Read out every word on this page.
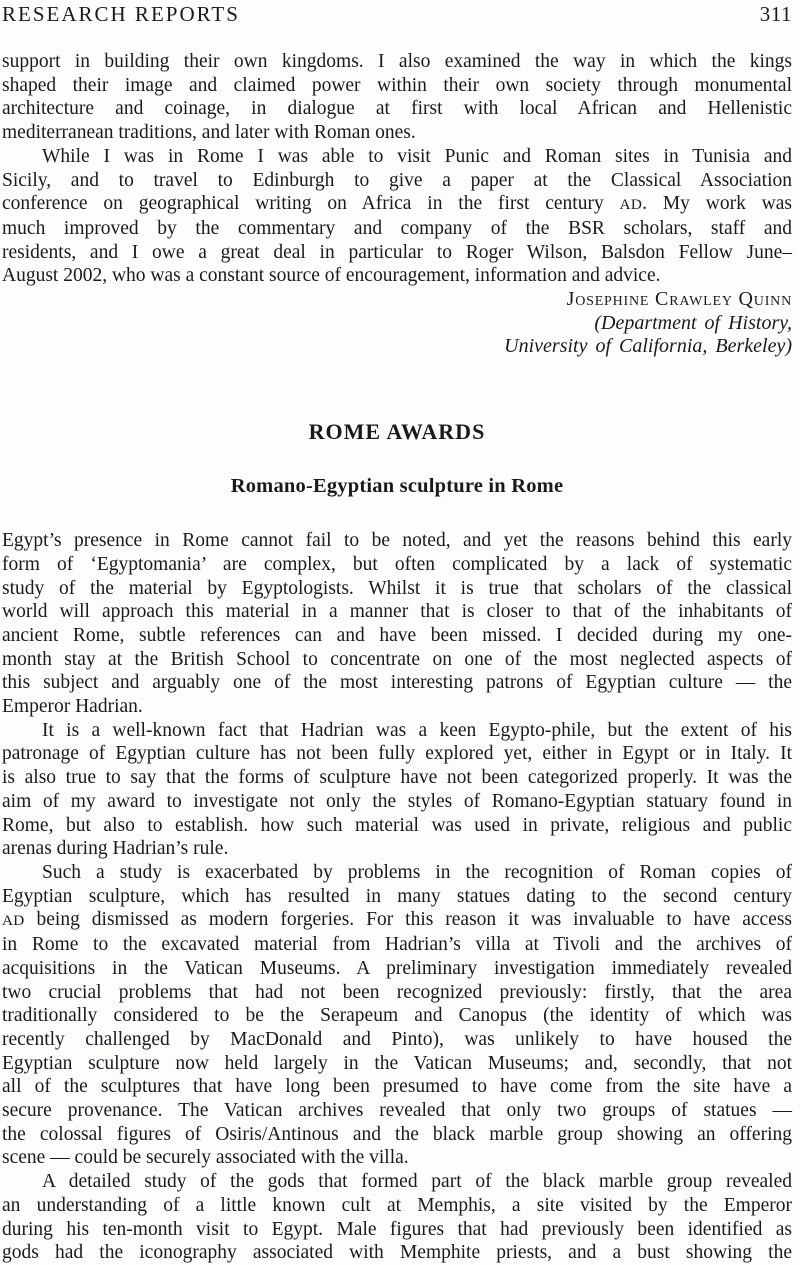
RESEARCH REPORTS	311
support in building their own kingdoms. I also examined the way in which the kings
shaped their image and claimed power within their own society through monumental
architecture and coinage, in dialogue at first with local African and Hellenistic
mediterranean traditions, and later with Roman ones.
While I was in Rome I was able to visit Punic and Roman sites in Tunisia and
Sicily, and to travel to Edinburgh to give a paper at the Classical Association
conference on geographical writing on Africa in the first century AD. My work was
much improved by the commentary and company of the BSR scholars, staff and
residents, and I owe a great deal in particular to Roger Wilson, Balsdon Fellow June–
August 2002, who was a constant source of encouragement, information and advice.
Josephine Crawley Quinn
(Department of History,
University of California, Berkeley)
ROME AWARDS
Romano-Egyptian sculpture in Rome
Egypt’s presence in Rome cannot fail to be noted, and yet the reasons behind this early
form of ‘Egyptomania’ are complex, but often complicated by a lack of systematic
study of the material by Egyptologists. Whilst it is true that scholars of the classical
world will approach this material in a manner that is closer to that of the inhabitants of
ancient Rome, subtle references can and have been missed. I decided during my one-
month stay at the British School to concentrate on one of the most neglected aspects of
this subject and arguably one of the most interesting patrons of Egyptian culture — the
Emperor Hadrian.
It is a well-known fact that Hadrian was a keen Egypto-phile, but the extent of his
patronage of Egyptian culture has not been fully explored yet, either in Egypt or in Italy. It
is also true to say that the forms of sculpture have not been categorized properly. It was the
aim of my award to investigate not only the styles of Romano-Egyptian statuary found in
Rome, but also to establish. how such material was used in private, religious and public
arenas during Hadrian’s rule.
Such a study is exacerbated by problems in the recognition of Roman copies of
Egyptian sculpture, which has resulted in many statues dating to the second century
AD being dismissed as modern forgeries. For this reason it was invaluable to have access
in Rome to the excavated material from Hadrian’s villa at Tivoli and the archives of
acquisitions in the Vatican Museums. A preliminary investigation immediately revealed
two crucial problems that had not been recognized previously: firstly, that the area
traditionally considered to be the Serapeum and Canopus (the identity of which was
recently challenged by MacDonald and Pinto), was unlikely to have housed the
Egyptian sculpture now held largely in the Vatican Museums; and, secondly, that not
all of the sculptures that have long been presumed to have come from the site have a
secure provenance. The Vatican archives revealed that only two groups of statues —
the colossal figures of Osiris/Antinous and the black marble group showing an offering
scene — could be securely associated with the villa.
A detailed study of the gods that formed part of the black marble group revealed
an understanding of a little known cult at Memphis, a site visited by the Emperor
during his ten-month visit to Egypt. Male figures that had previously been identified as
gods had the iconography associated with Memphite priests, and a bust showing the
